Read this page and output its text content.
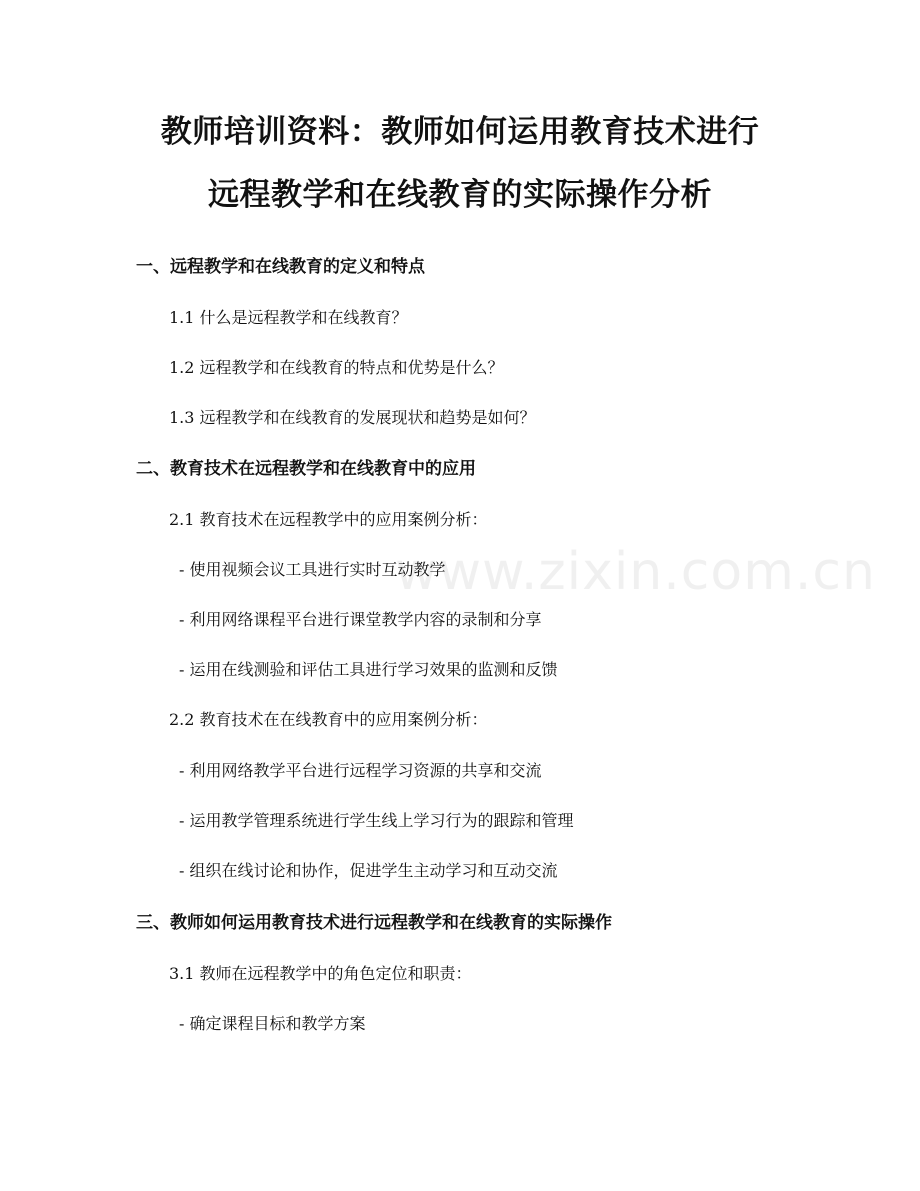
www.zixin.com.cn
教师培训资料：教师如何运用教育技术进行
远程教学和在线教育的实际操作分析
一、远程教学和在线教育的定义和特点
1.1 什么是远程教学和在线教育？
1.2 远程教学和在线教育的特点和优势是什么？
1.3 远程教学和在线教育的发展现状和趋势是如何？
二、教育技术在远程教学和在线教育中的应用
2.1 教育技术在远程教学中的应用案例分析：
- 使用视频会议工具进行实时互动教学
- 利用网络课程平台进行课堂教学内容的录制和分享
- 运用在线测验和评估工具进行学习效果的监测和反馈
2.2 教育技术在在线教育中的应用案例分析：
- 利用网络教学平台进行远程学习资源的共享和交流
- 运用教学管理系统进行学生线上学习行为的跟踪和管理
- 组织在线讨论和协作，促进学生主动学习和互动交流
三、教师如何运用教育技术进行远程教学和在线教育的实际操作
3.1 教师在远程教学中的角色定位和职责：
- 确定课程目标和教学方案
